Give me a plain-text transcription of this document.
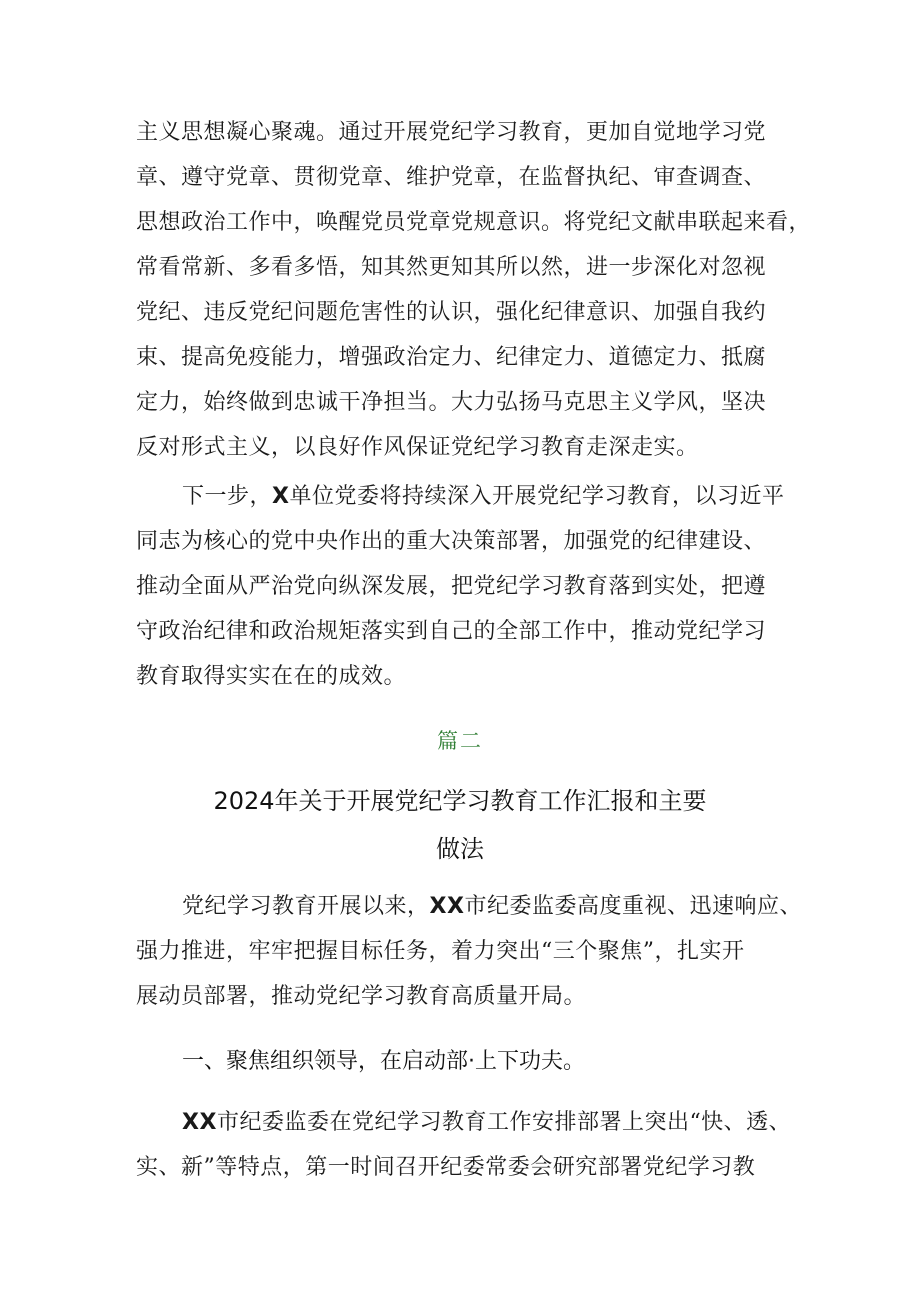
主义思想凝心聚魂。通过开展党纪学习教育，更加自觉地学习党
章、遵守党章、贯彻党章、维护党章，在监督执纪、审查调查、
思想政治工作中，唤醒党员党章党规意识。将党纪文献串联起来看，
常看常新、多看多悟，知其然更知其所以然，进一步深化对忽视
党纪、违反党纪问题危害性的认识，强化纪律意识、加强自我约
束、提高免疫能力，增强政治定力、纪律定力、道德定力、抵腐
定力，始终做到忠诚干净担当。大力弘扬马克思主义学风，坚决
反对形式主义，以良好作风保证党纪学习教育走深走实。
下一步，X单位党委将持续深入开展党纪学习教育，以习近平
同志为核心的党中央作出的重大决策部署，加强党的纪律建设、
推动全面从严治党向纵深发展，把党纪学习教育落到实处，把遵
守政治纪律和政治规矩落实到自己的全部工作中，推动党纪学习
教育取得实实在在的成效。
篇二
2024年关于开展党纪学习教育工作汇报和主要
做法
党纪学习教育开展以来，XX市纪委监委高度重视、迅速响应、
强力推进，牢牢把握目标任务，着力突出“三个聚焦”，扎实开
展动员部署，推动党纪学习教育高质量开局。
一、聚焦组织领导，在启动部·上下功夫。
XX市纪委监委在党纪学习教育工作安排部署上突出“快、透、
实、新”等特点，第一时间召开纪委常委会研究部署党纪学习教
